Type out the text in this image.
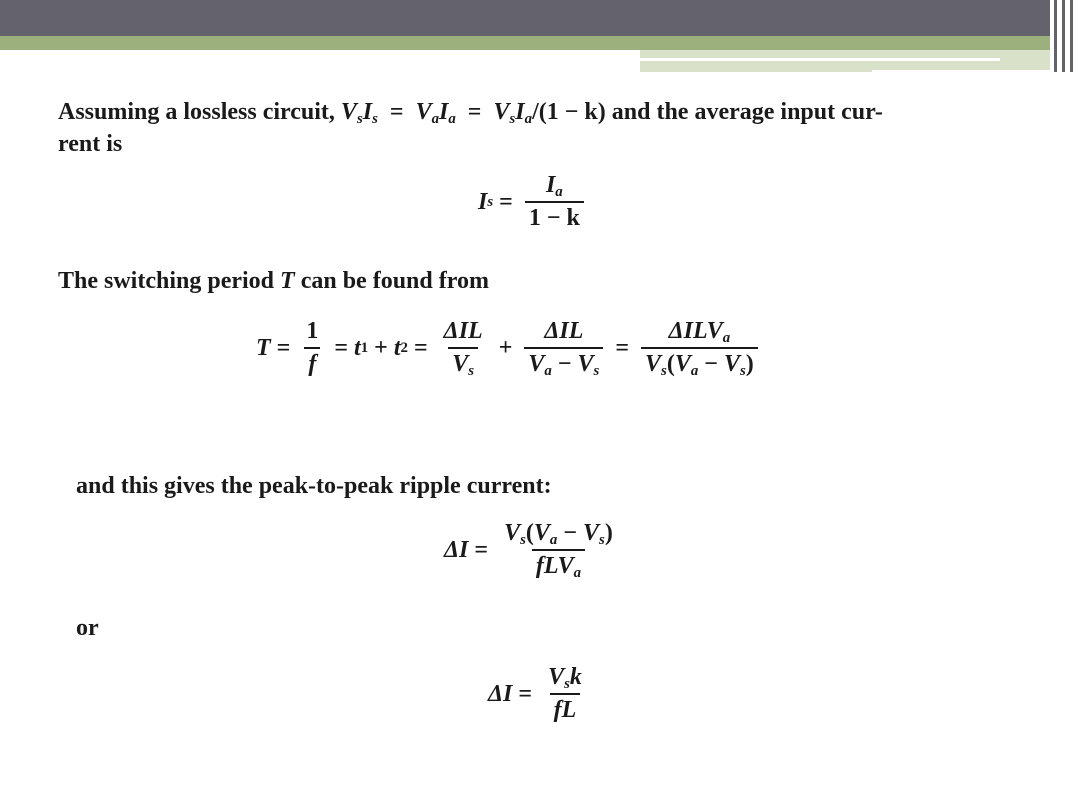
Assuming a lossless circuit, $V_sI_s = V_aI_a = V_sI_a/(1 - k)$ and the average input cur-
rent is
I $s = \frac{I_a}{1 - k}$
The switching period T can be found from
$T = \frac{1}{f} = t$ 1 + t $2 = \frac{\text{ΔIL}}{V_s} + \frac{\text{ΔIL}}{V_a - V_s} = \frac{\Delta ILV_a}{V_s(V_a - V_s)}$
and this gives the peak-to-peak ripple current:
$\Delta I = \frac{V_s(V_a - V_s)}{fLV_a}$
or
$\Delta I = \frac{V_sk}{fL}$
